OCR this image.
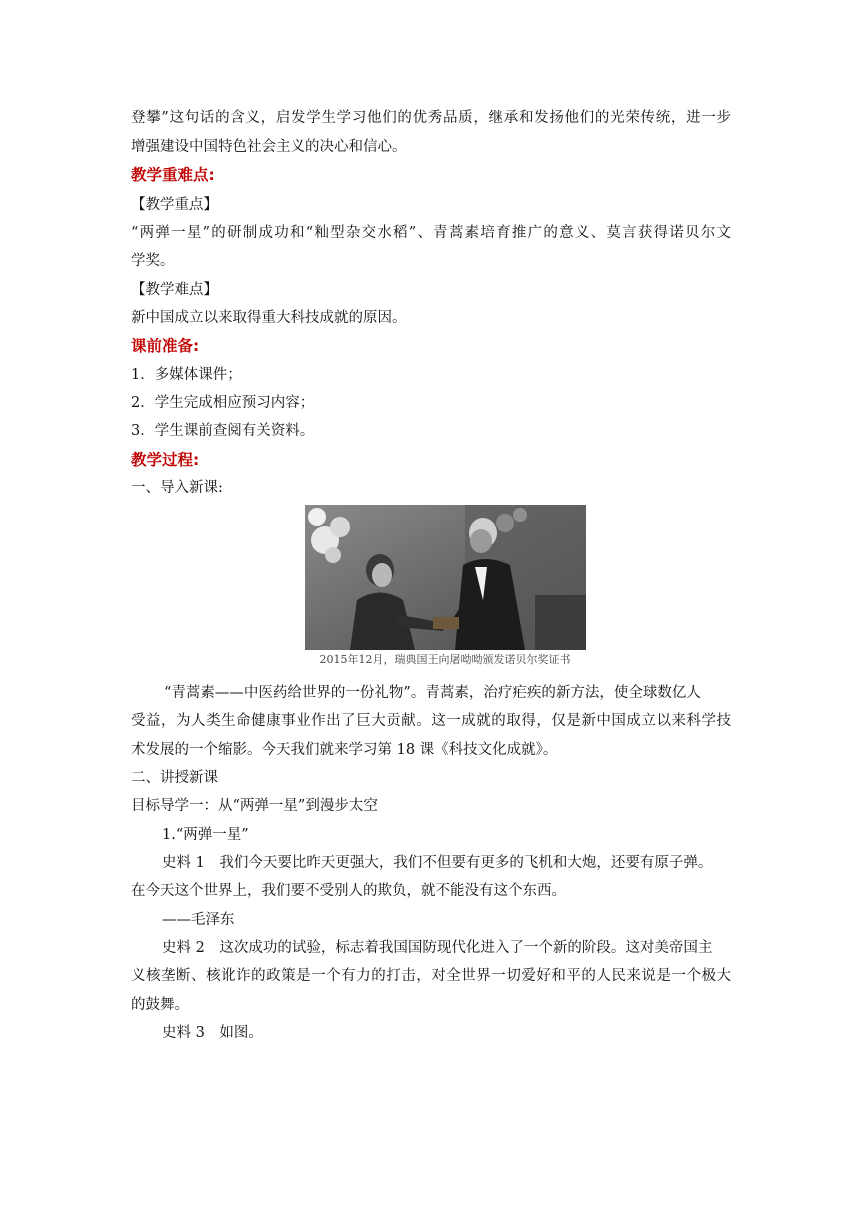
登攀”这句话的含义，启发学生学习他们的优秀品质，继承和发扬他们的光荣传统，进一步
增强建设中国特色社会主义的决心和信心。
教学重难点:
【教学重点】
“两弹一星”的研制成功和“籼型杂交水稻”、青蒿素培育推广的意义、莫言获得诺贝尔文
学奖。
【教学难点】
新中国成立以来取得重大科技成就的原因。
课前准备:
1．多媒体课件；
2．学生完成相应预习内容；
3．学生课前查阅有关资料。
教学过程:
一、导入新课:
2015年12月，瑞典国王向屠呦呦颁发诺贝尔奖证书
“青蒿素——中医药给世界的一份礼物”。青蒿素，治疗疟疾的新方法，使全球数亿人
受益，为人类生命健康事业作出了巨大贡献。这一成就的取得，仅是新中国成立以来科学技
术发展的一个缩影。今天我们就来学习第 18 课《科技文化成就》。
二、讲授新课
目标导学一：从“两弹一星”到漫步太空
1.“两弹一星”
史料 1　我们今天要比昨天更强大，我们不但要有更多的飞机和大炮，还要有原子弹。
在今天这个世界上，我们要不受别人的欺负，就不能没有这个东西。
——毛泽东
史料 2　这次成功的试验，标志着我国国防现代化进入了一个新的阶段。这对美帝国主
义核垄断、核讹诈的政策是一个有力的打击，对全世界一切爱好和平的人民来说是一个极大
的鼓舞。
史料 3　如图。
